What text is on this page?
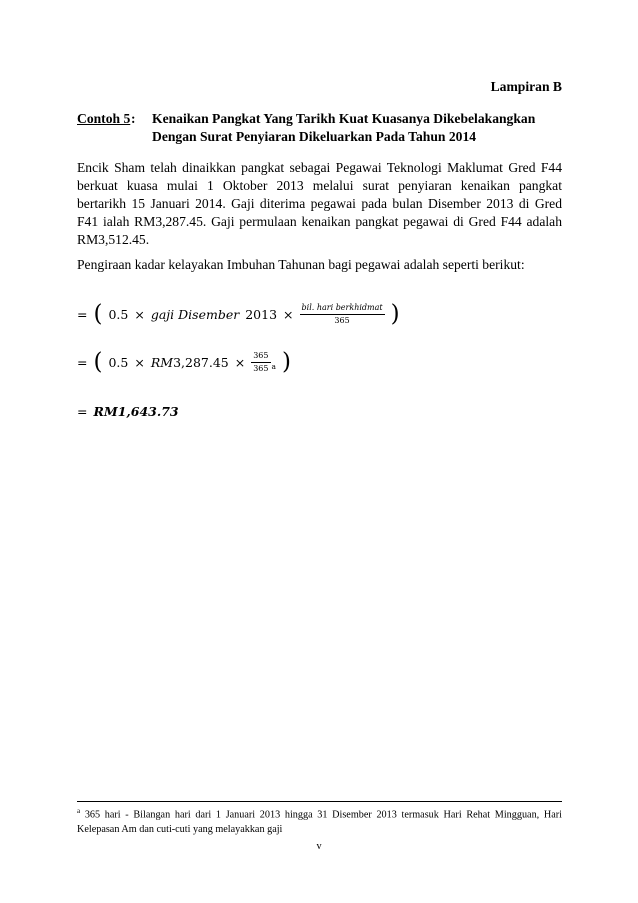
Lampiran B
Contoh 5 : Kenaikan Pangkat Yang Tarikh Kuat Kuasanya Dikebelakangkan
Dengan Surat Penyiaran Dikeluarkan Pada Tahun 2014
Encik Sham telah dinaikkan pangkat sebagai Pegawai Teknologi Maklumat Gred F44
berkuat kuasa mulai 1 Oktober 2013 melalui surat penyiaran kenaikan pangkat
bertarikh 15 Januari 2014. Gaji diterima pegawai pada bulan Disember 2013 di Gred
F41 ialah RM3,287.45. Gaji permulaan kenaikan pangkat pegawai di Gred F44 adalah
RM3,512.45.
Pengiraan kadar kelayakan Imbuhan Tahunan bagi pegawai adalah seperti berikut:
= ( 0.5 × gaji Disember $2013 \times \frac{\text{bil. hari berkhidmat}}{365}$ )
= ( $0.5 \times RM3,287.45 \times \frac{365}{365}$ a )
= RM1,643.73
$^a$ 365 hari - Bilangan hari dari 1 Januari 2013 hingga 31 Disember 2013 termasuk Hari Rehat Mingguan, Hari
Kelepasan Am dan cuti-cuti yang melayakkan gaji
v
